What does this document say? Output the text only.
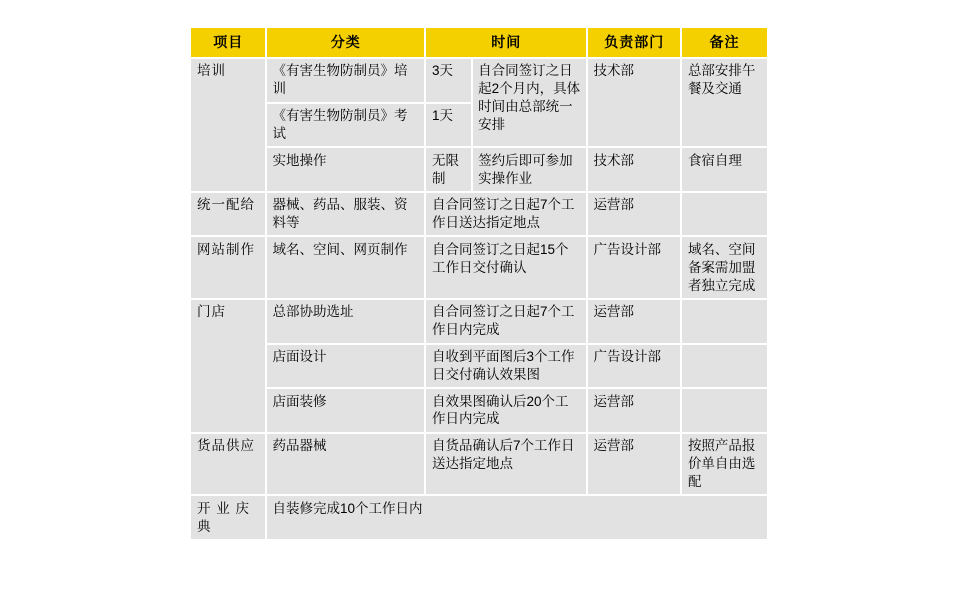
项目	分类	时间		负责部门	备注
培训	《有害生物防制员》培训	3天	自合同签订之日起2个月内，具体时间由总部统一安排	技术部	总部安排午餐及交通
	《有害生物防制员》考试	1天			
	实地操作	无限制	签约后即可参加实操作业	技术部	食宿自理
统一配给	器械、药品、服装、资料等	自合同签订之日起7个工作日送达指定地点		运营部	
网站制作	域名、空间、网页制作	自合同签订之日起15个工作日交付确认		广告设计部	域名、空间备案需加盟者独立完成
门店	总部协助选址	自合同签订之日起7个工作日内完成		运营部	
	店面设计	自收到平面图后3个工作日交付确认效果图		广告设计部	
	店面装修	自效果图确认后20个工作日内完成		运营部	
货品供应	药品器械	自货品确认后7个工作日送达指定地点		运营部	按照产品报价单自由选配
开 业 庆典	自装修完成10个工作日内				
